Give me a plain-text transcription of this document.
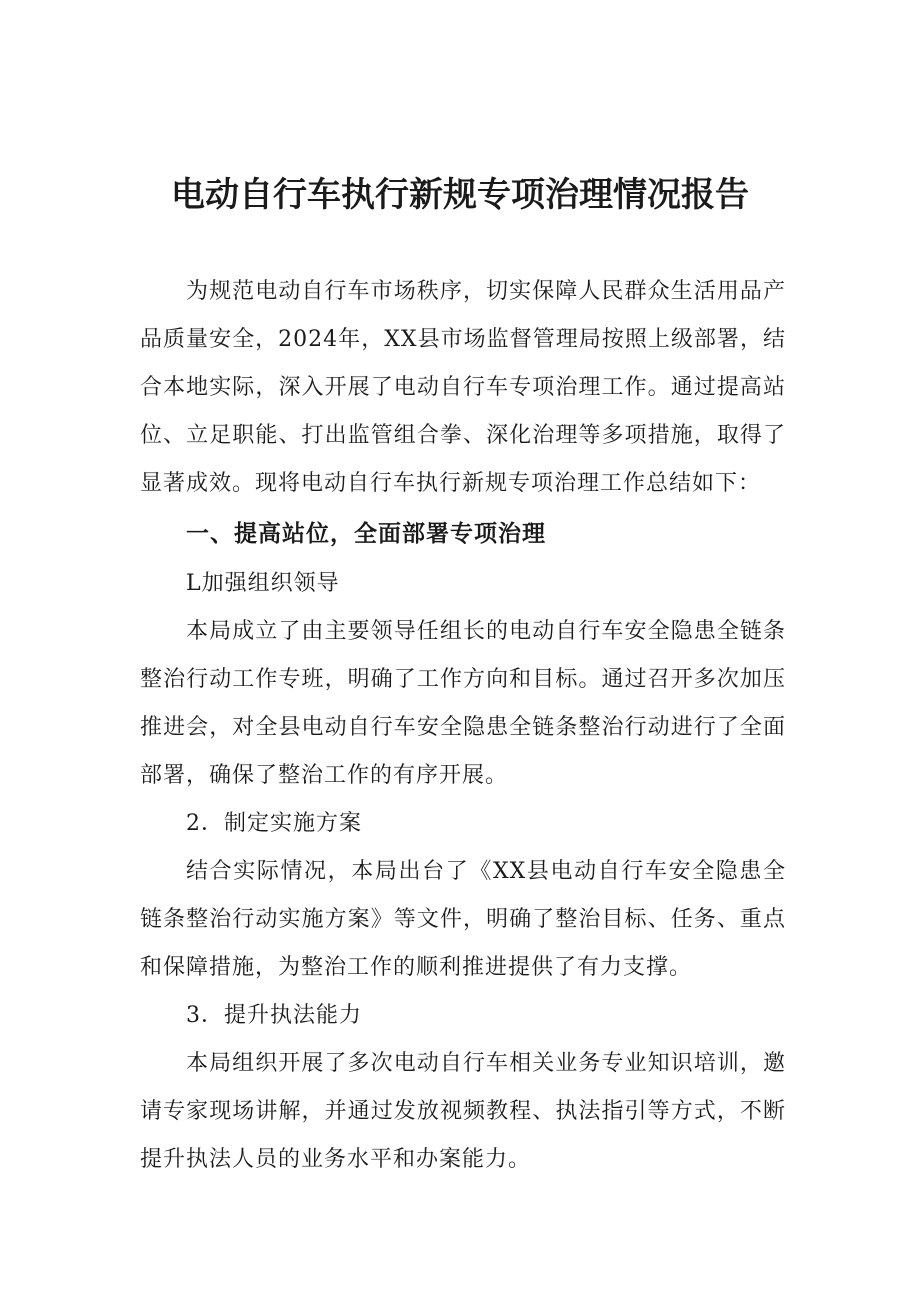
电动自行车执行新规专项治理情况报告

为规范电动自行车市场秩序，切实保障人民群众生活用品产品质量安全，2024年，XX县市场监督管理局按照上级部署，结合本地实际，深入开展了电动自行车专项治理工作。通过提高站位、立足职能、打出监管组合拳、深化治理等多项措施，取得了显著成效。现将电动自行车执行新规专项治理工作总结如下：

一、提高站位，全面部署专项治理

L加强组织领导

本局成立了由主要领导任组长的电动自行车安全隐患全链条整治行动工作专班，明确了工作方向和目标。通过召开多次加压推进会，对全县电动自行车安全隐患全链条整治行动进行了全面部署，确保了整治工作的有序开展。

2．制定实施方案

结合实际情况，本局出台了《XX县电动自行车安全隐患全链条整治行动实施方案》等文件，明确了整治目标、任务、重点和保障措施，为整治工作的顺利推进提供了有力支撑。

3．提升执法能力

本局组织开展了多次电动自行车相关业务专业知识培训，邀请专家现场讲解，并通过发放视频教程、执法指引等方式，不断提升执法人员的业务水平和办案能力。
